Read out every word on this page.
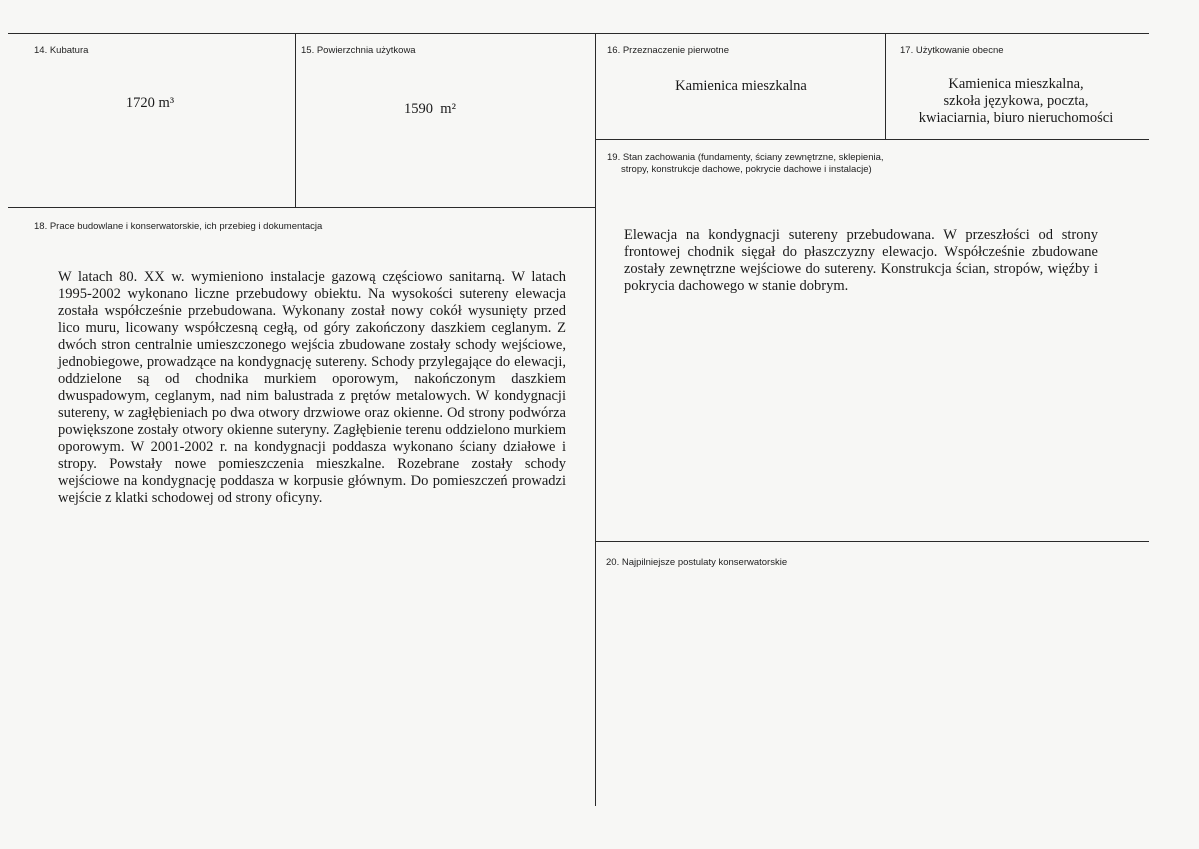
14. Kubatura
1720 m³
15. Powierzchnia użytkowa
1590  m²
16. Przeznaczenie pierwotne
Kamienica mieszkalna
17. Użytkowanie obecne
Kamienica mieszkalna,
szkoła językowa, poczta,
kwiaciarnia, biuro nieruchomości
19. Stan zachowania (fundamenty, ściany zewnętrzne, sklepienia,
stropy, konstrukcje dachowe, pokrycie dachowe i instalacje)
Elewacja na kondygnacji sutereny przebudowana. W przeszłości od strony frontowej chodnik sięgał do płaszczyzny elewacjo. Współcześnie zbudowane zostały zewnętrzne wejściowe do sutereny. Konstrukcja ścian, stropów, więźby i pokrycia dachowego w stanie dobrym.
18. Prace budowlane i konserwatorskie, ich przebieg i dokumentacja
W latach 80. XX w. wymieniono instalacje gazową częściowo sanitarną. W latach 1995-2002 wykonano liczne przebudowy obiektu. Na wysokości sutereny elewacja została współcześnie przebudowana. Wykonany został nowy cokół wysunięty przed lico muru, licowany współczesną cegłą, od góry zakończony daszkiem ceglanym. Z dwóch stron centralnie umieszczonego wejścia zbudowane zostały schody wejściowe, jednobiegowe, prowadzące na kondygnację sutereny. Schody przylegające do elewacji, oddzielone są od chodnika murkiem oporowym, nakończonym daszkiem dwuspadowym, ceglanym, nad nim balustrada z prętów metalowych. W kondygnacji sutereny, w zagłębieniach po dwa otwory drzwiowe oraz okienne. Od strony podwórza powiększone zostały otwory okienne suteryny. Zagłębienie terenu oddzielono murkiem oporowym. W 2001-2002 r. na kondygnacji poddasza wykonano ściany działowe i stropy. Powstały nowe pomieszczenia mieszkalne. Rozebrane zostały schody wejściowe na kondygnację poddasza w korpusie głównym. Do pomieszczeń prowadzi wejście z klatki schodowej od strony oficyny.
20. Najpilniejsze postulaty konserwatorskie
